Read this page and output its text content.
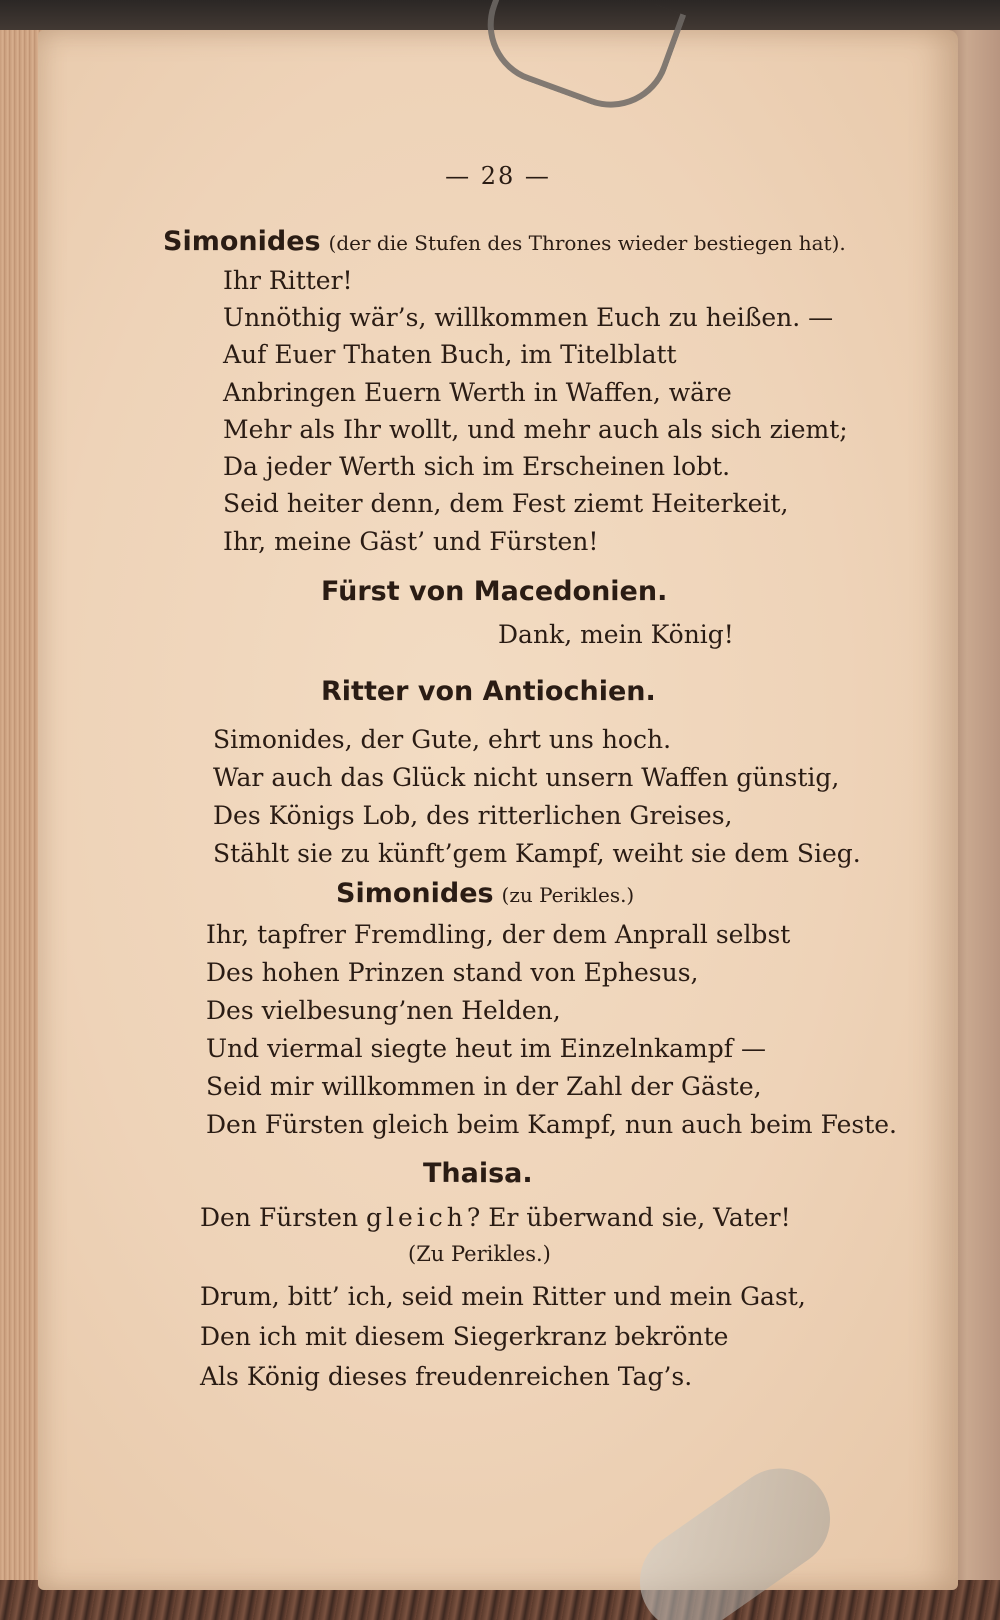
— 28 —
Simonides (der die Stufen des Thrones wieder bestiegen hat).
Ihr Ritter!
Unnöthig wär’s, willkommen Euch zu heißen. —
Auf Euer Thaten Buch, im Titelblatt
Anbringen Euern Werth in Waffen, wäre
Mehr als Ihr wollt, und mehr auch als sich ziemt;
Da jeder Werth sich im Erscheinen lobt.
Seid heiter denn, dem Fest ziemt Heiterkeit,
Ihr, meine Gäst’ und Fürsten!
Fürst von Macedonien.
Dank, mein König!
Ritter von Antiochien.
Simonides, der Gute, ehrt uns hoch.
War auch das Glück nicht unsern Waffen günstig,
Des Königs Lob, des ritterlichen Greises,
Stählt sie zu künft’gem Kampf, weiht sie dem Sieg.
Simonides (zu Perikles.)
Ihr, tapfrer Fremdling, der dem Anprall selbst
Des hohen Prinzen stand von Ephesus,
Des vielbesung’nen Helden,
Und viermal siegte heut im Einzelnkampf —
Seid mir willkommen in der Zahl der Gäste,
Den Fürsten gleich beim Kampf, nun auch beim Feste.
Thaisa.
Den Fürsten gleich? Er überwand sie, Vater!
(Zu Perikles.)
Drum, bitt’ ich, seid mein Ritter und mein Gast,
Den ich mit diesem Siegerkranz bekrönte
Als König dieses freudenreichen Tag’s.
